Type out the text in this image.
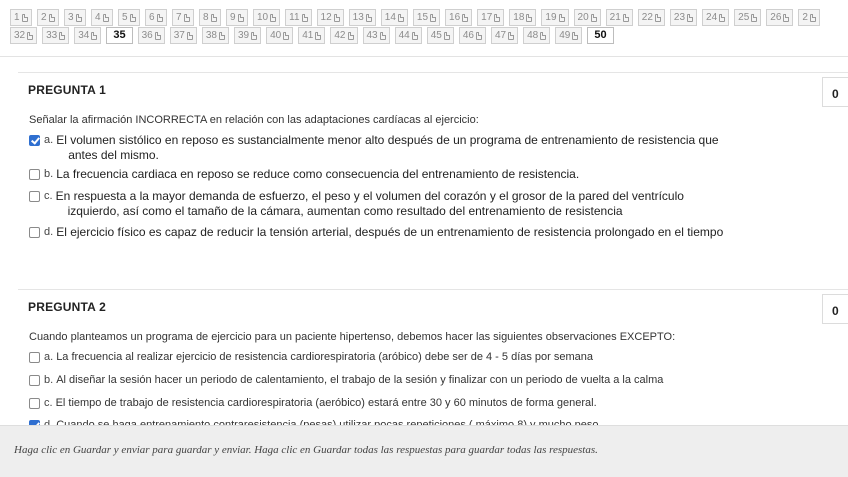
1 2 3 4 5 6 7 8 9 10 11 12 13 14 15 16 17 18 19 20 21 22 23 24 25 26 2
32 33 34 35 36 37 38 39 40 41 42 43 44 45 46 47 48 49 50
PREGUNTA 1	0
Señalar la afirmación INCORRECTA en relación con las adaptaciones cardíacas al ejercicio:
a. El volumen sistólico en reposo es sustancialmente menor alto después de un programa de entrenamiento de resistencia que
antes del mismo.
b. La frecuencia cardiaca en reposo se reduce como consecuencia del entrenamiento de resistencia.
c. En respuesta a la mayor demanda de esfuerzo, el peso y el volumen del corazón y el grosor de la pared del ventrículo
izquierdo, así como el tamaño de la cámara, aumentan como resultado del entrenamiento de resistencia
d. El ejercicio físico es capaz de reducir la tensión arterial, después de un entrenamiento de resistencia prolongado en el tiempo
PREGUNTA 2	0
Cuando planteamos un programa de ejercicio para un paciente hipertenso, debemos hacer las siguientes observaciones EXCEPTO:
a. La frecuencia al realizar ejercicio de resistencia cardiorespiratoria (aróbico) debe ser de 4 - 5 días por semana
b. Al diseñar la sesión hacer un periodo de calentamiento, el trabajo de la sesión y finalizar con un periodo de vuelta a la calma
c. El tiempo de trabajo de resistencia cardiorespiratoria (aeróbico) estará entre 30 y 60 minutos de forma general.

Haga clic en Guardar y enviar para guardar y enviar. Haga clic en Guardar todas las respuestas para guardar todas las respuestas.
